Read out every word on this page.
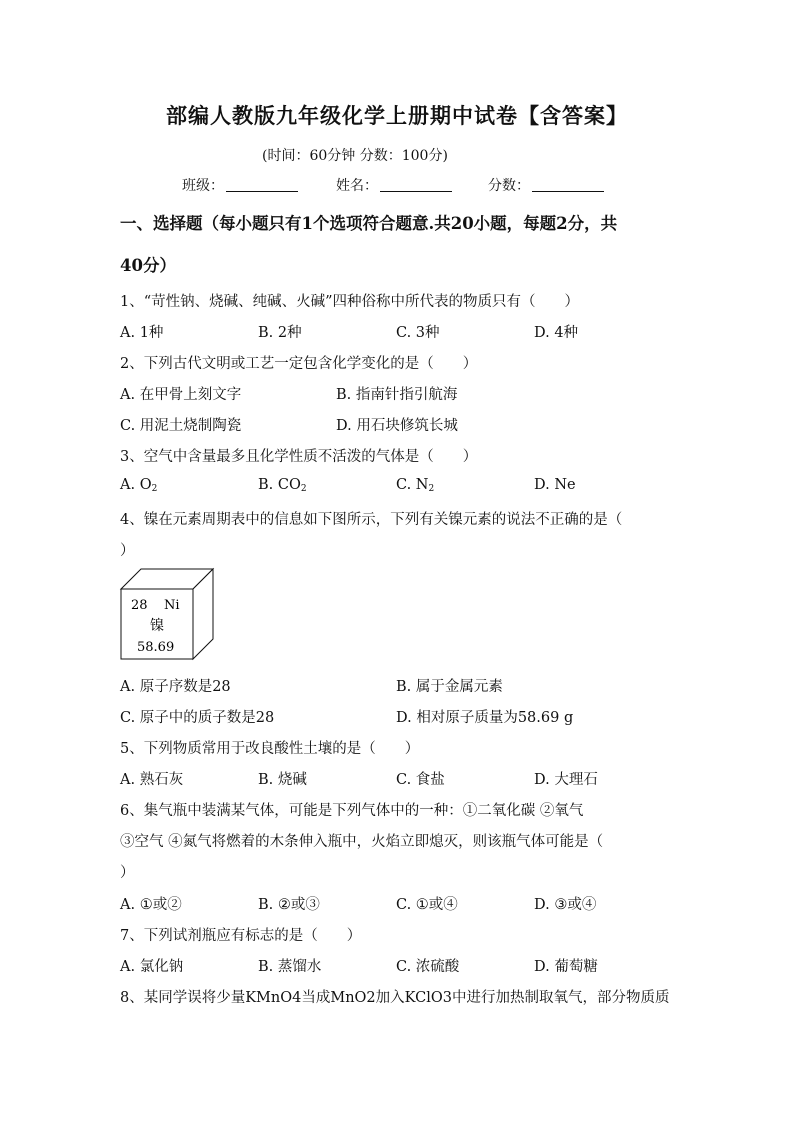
部编人教版九年级化学上册期中试卷【含答案】
(时间：60分钟 分数：100分)
班级：	姓名：	分数：
一、选择题（每小题只有1个选项符合题意.共20小题，每题2分，共
40分）
1、“苛性钠、烧碱、纯碱、火碱”四种俗称中所代表的物质只有（　　）
A. 1种	B. 2种	C. 3种	D. 4种
2、下列古代文明或工艺一定包含化学变化的是（　　）
A. 在甲骨上刻文字	B. 指南针指引航海
C. 用泥土烧制陶瓷	D. 用石块修筑长城
3、空气中含量最多且化学性质不活泼的气体是（　　）
A. $O_2$	B. $CO_2$	C. $N_2$	D. Ne
4、镍在元素周期表中的信息如下图所示，下列有关镍元素的说法不正确的是（
）
28 Ni
镍
58.69
A. 原子序数是28	B. 属于金属元素
C. 原子中的质子数是28	D. 相对原子质量为58.69 g
5、下列物质常用于改良酸性土壤的是（　　）
A. 熟石灰	B. 烧碱	C. 食盐	D. 大理石
6、集气瓶中装满某气体，可能是下列气体中的一种：①二氧化碳 ②氧气
③空气 ④氮气将燃着的木条伸入瓶中，火焰立即熄灭，则该瓶气体可能是（
）
A. ①或②	B. ②或③	C. ①或④	D. ③或④
7、下列试剂瓶应有标志的是（　　）
A. 氯化钠	B. 蒸馏水	C. 浓硫酸	D. 葡萄糖
8、某同学误将少量KMnO4当成MnO2加入KClO3中进行加热制取氧气，部分物质质
